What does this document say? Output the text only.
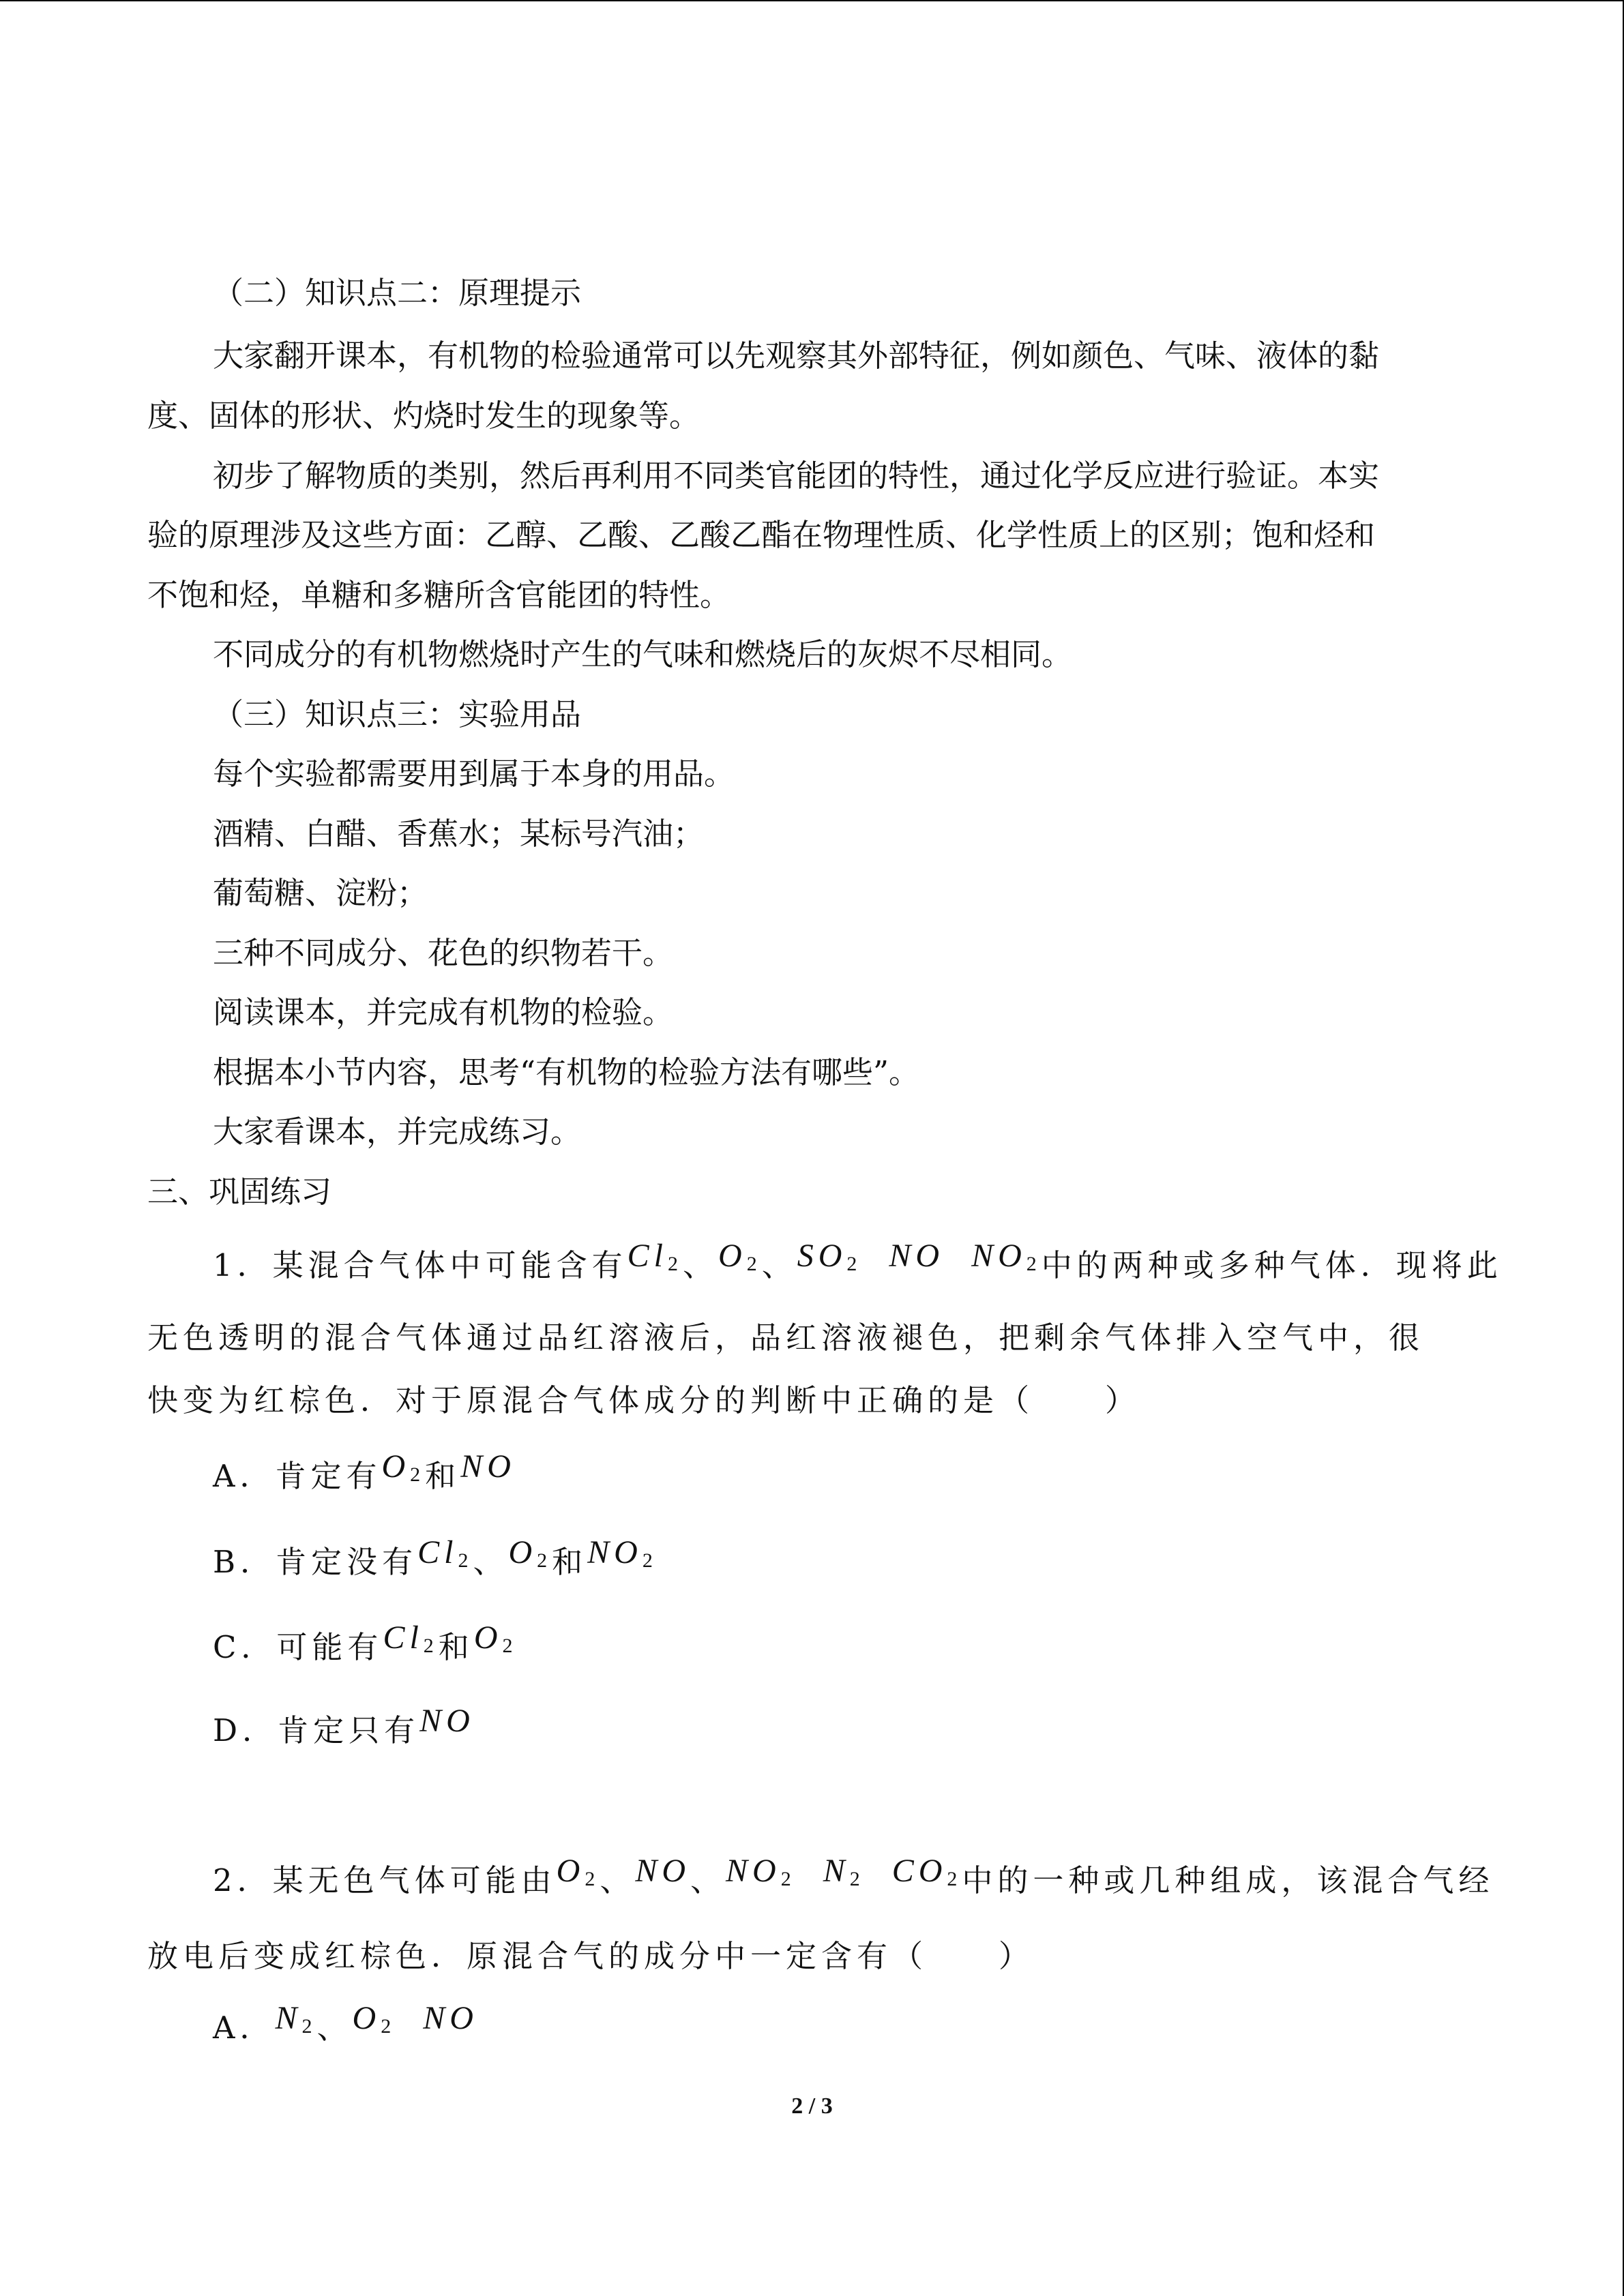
（二）知识点二：原理提示
大家翻开课本，有机物的检验通常可以先观察其外部特征，例如颜色、气味、液体的黏
度、固体的形状、灼烧时发生的现象等。
初步了解物质的类别，然后再利用不同类官能团的特性，通过化学反应进行验证。本实
验的原理涉及这些方面：乙醇、乙酸、乙酸乙酯在物理性质、化学性质上的区别；饱和烃和
不饱和烃，单糖和多糖所含官能团的特性。
不同成分的有机物燃烧时产生的气味和燃烧后的灰烬不尽相同。
（三）知识点三：实验用品
每个实验都需要用到属于本身的用品。
酒精、白醋、香蕉水；某标号汽油；
葡萄糖、淀粉；
三种不同成分、花色的织物若干。
阅读课本，并完成有机物的检验。
根据本小节内容，思考“有机物的检验方法有哪些”。
大家看课本，并完成练习。
三、巩固练习
1．某混合气体中可能含有$Cl_2$、$O_2$、$SO_2$ NO $NO_2$中的两种或多种气体．现将此
无色透明的混合气体通过品红溶液后，品红溶液褪色，把剩余气体排入空气中，很
快变为红棕色．对于原混合气体成分的判断中正确的是（　　）
A．肯定有$O_2$和NO
B．肯定没有$Cl_2$、$O_2$和$NO_2$
C．可能有$Cl_2$和$O_2$
D．肯定只有NO
2．某无色气体可能由$O_2$、NO、$NO_2$ $N_2$ $CO_2$中的一种或几种组成，该混合气经
放电后变成红棕色．原混合气的成分中一定含有（　　）
A．$N_2$、$O_2$ NO
2 / 3
